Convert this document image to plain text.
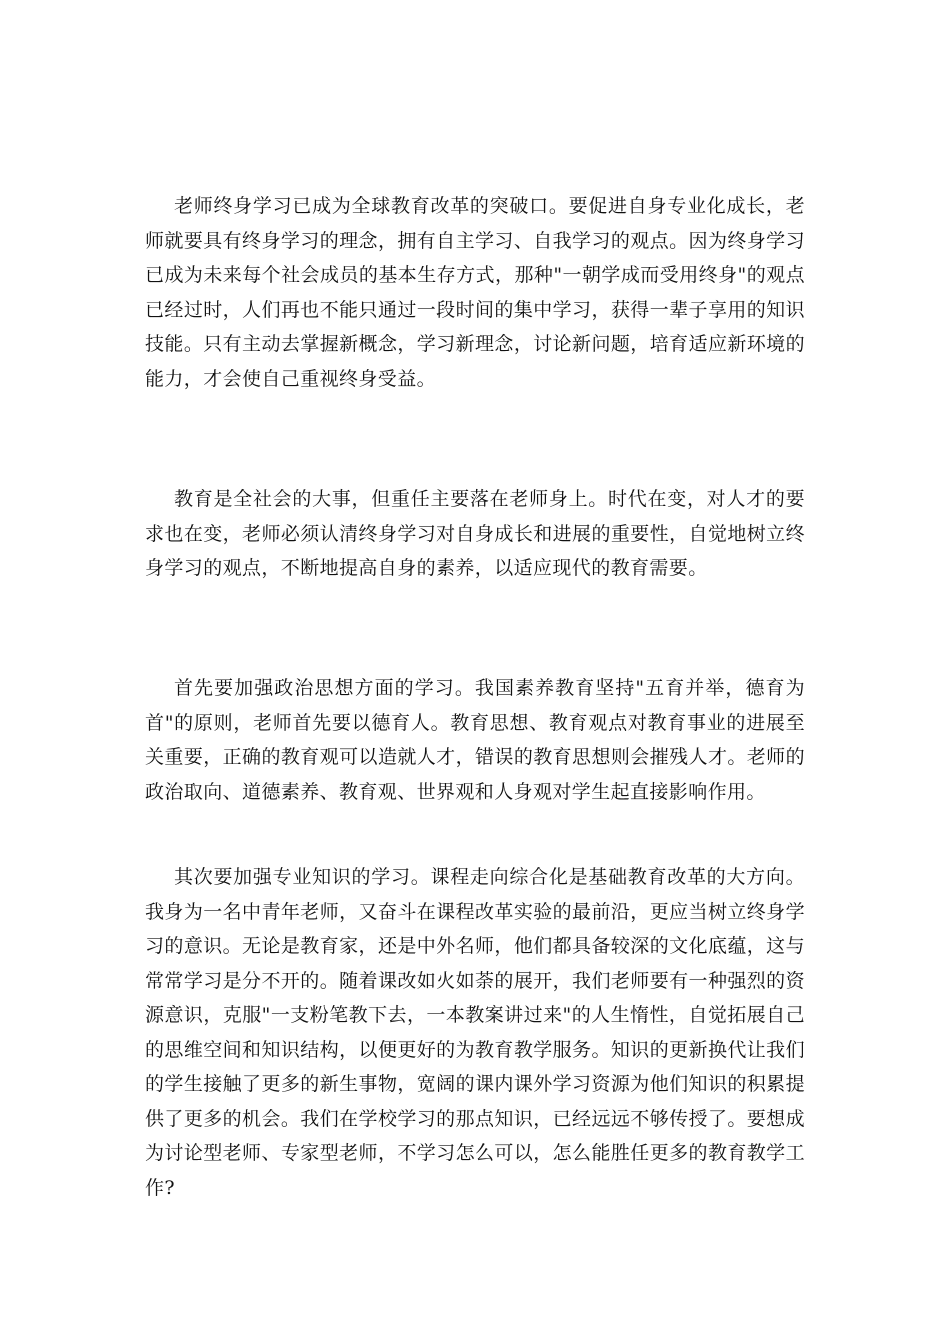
老师终身学习已成为全球教育改革的突破口。要促进自身专业化成长，老师就要具有终身学习的理念，拥有自主学习、自我学习的观点。因为终身学习已成为未来每个社会成员的基本生存方式，那种"一朝学成而受用终身"的观点已经过时，人们再也不能只通过一段时间的集中学习，获得一辈子享用的知识技能。只有主动去掌握新概念，学习新理念，讨论新问题，培育适应新环境的能力，才会使自己重视终身受益。

教育是全社会的大事，但重任主要落在老师身上。时代在变，对人才的要求也在变，老师必须认清终身学习对自身成长和进展的重要性，自觉地树立终身学习的观点，不断地提高自身的素养，以适应现代的教育需要。

首先要加强政治思想方面的学习。我国素养教育坚持"五育并举，德育为首"的原则，老师首先要以德育人。教育思想、教育观点对教育事业的进展至关重要，正确的教育观可以造就人才，错误的教育思想则会摧残人才。老师的政治取向、道德素养、教育观、世界观和人身观对学生起直接影响作用。

其次要加强专业知识的学习。课程走向综合化是基础教育改革的大方向。我身为一名中青年老师，又奋斗在课程改革实验的最前沿，更应当树立终身学习的意识。无论是教育家，还是中外名师，他们都具备较深的文化底蕴，这与常常学习是分不开的。随着课改如火如荼的展开，我们老师要有一种强烈的资源意识，克服"一支粉笔教下去，一本教案讲过来"的人生惰性，自觉拓展自己的思维空间和知识结构，以便更好的为教育教学服务。知识的更新换代让我们的学生接触了更多的新生事物，宽阔的课内课外学习资源为他们知识的积累提供了更多的机会。我们在学校学习的那点知识，已经远远不够传授了。要想成为讨论型老师、专家型老师，不学习怎么可以，怎么能胜任更多的教育教学工作?
